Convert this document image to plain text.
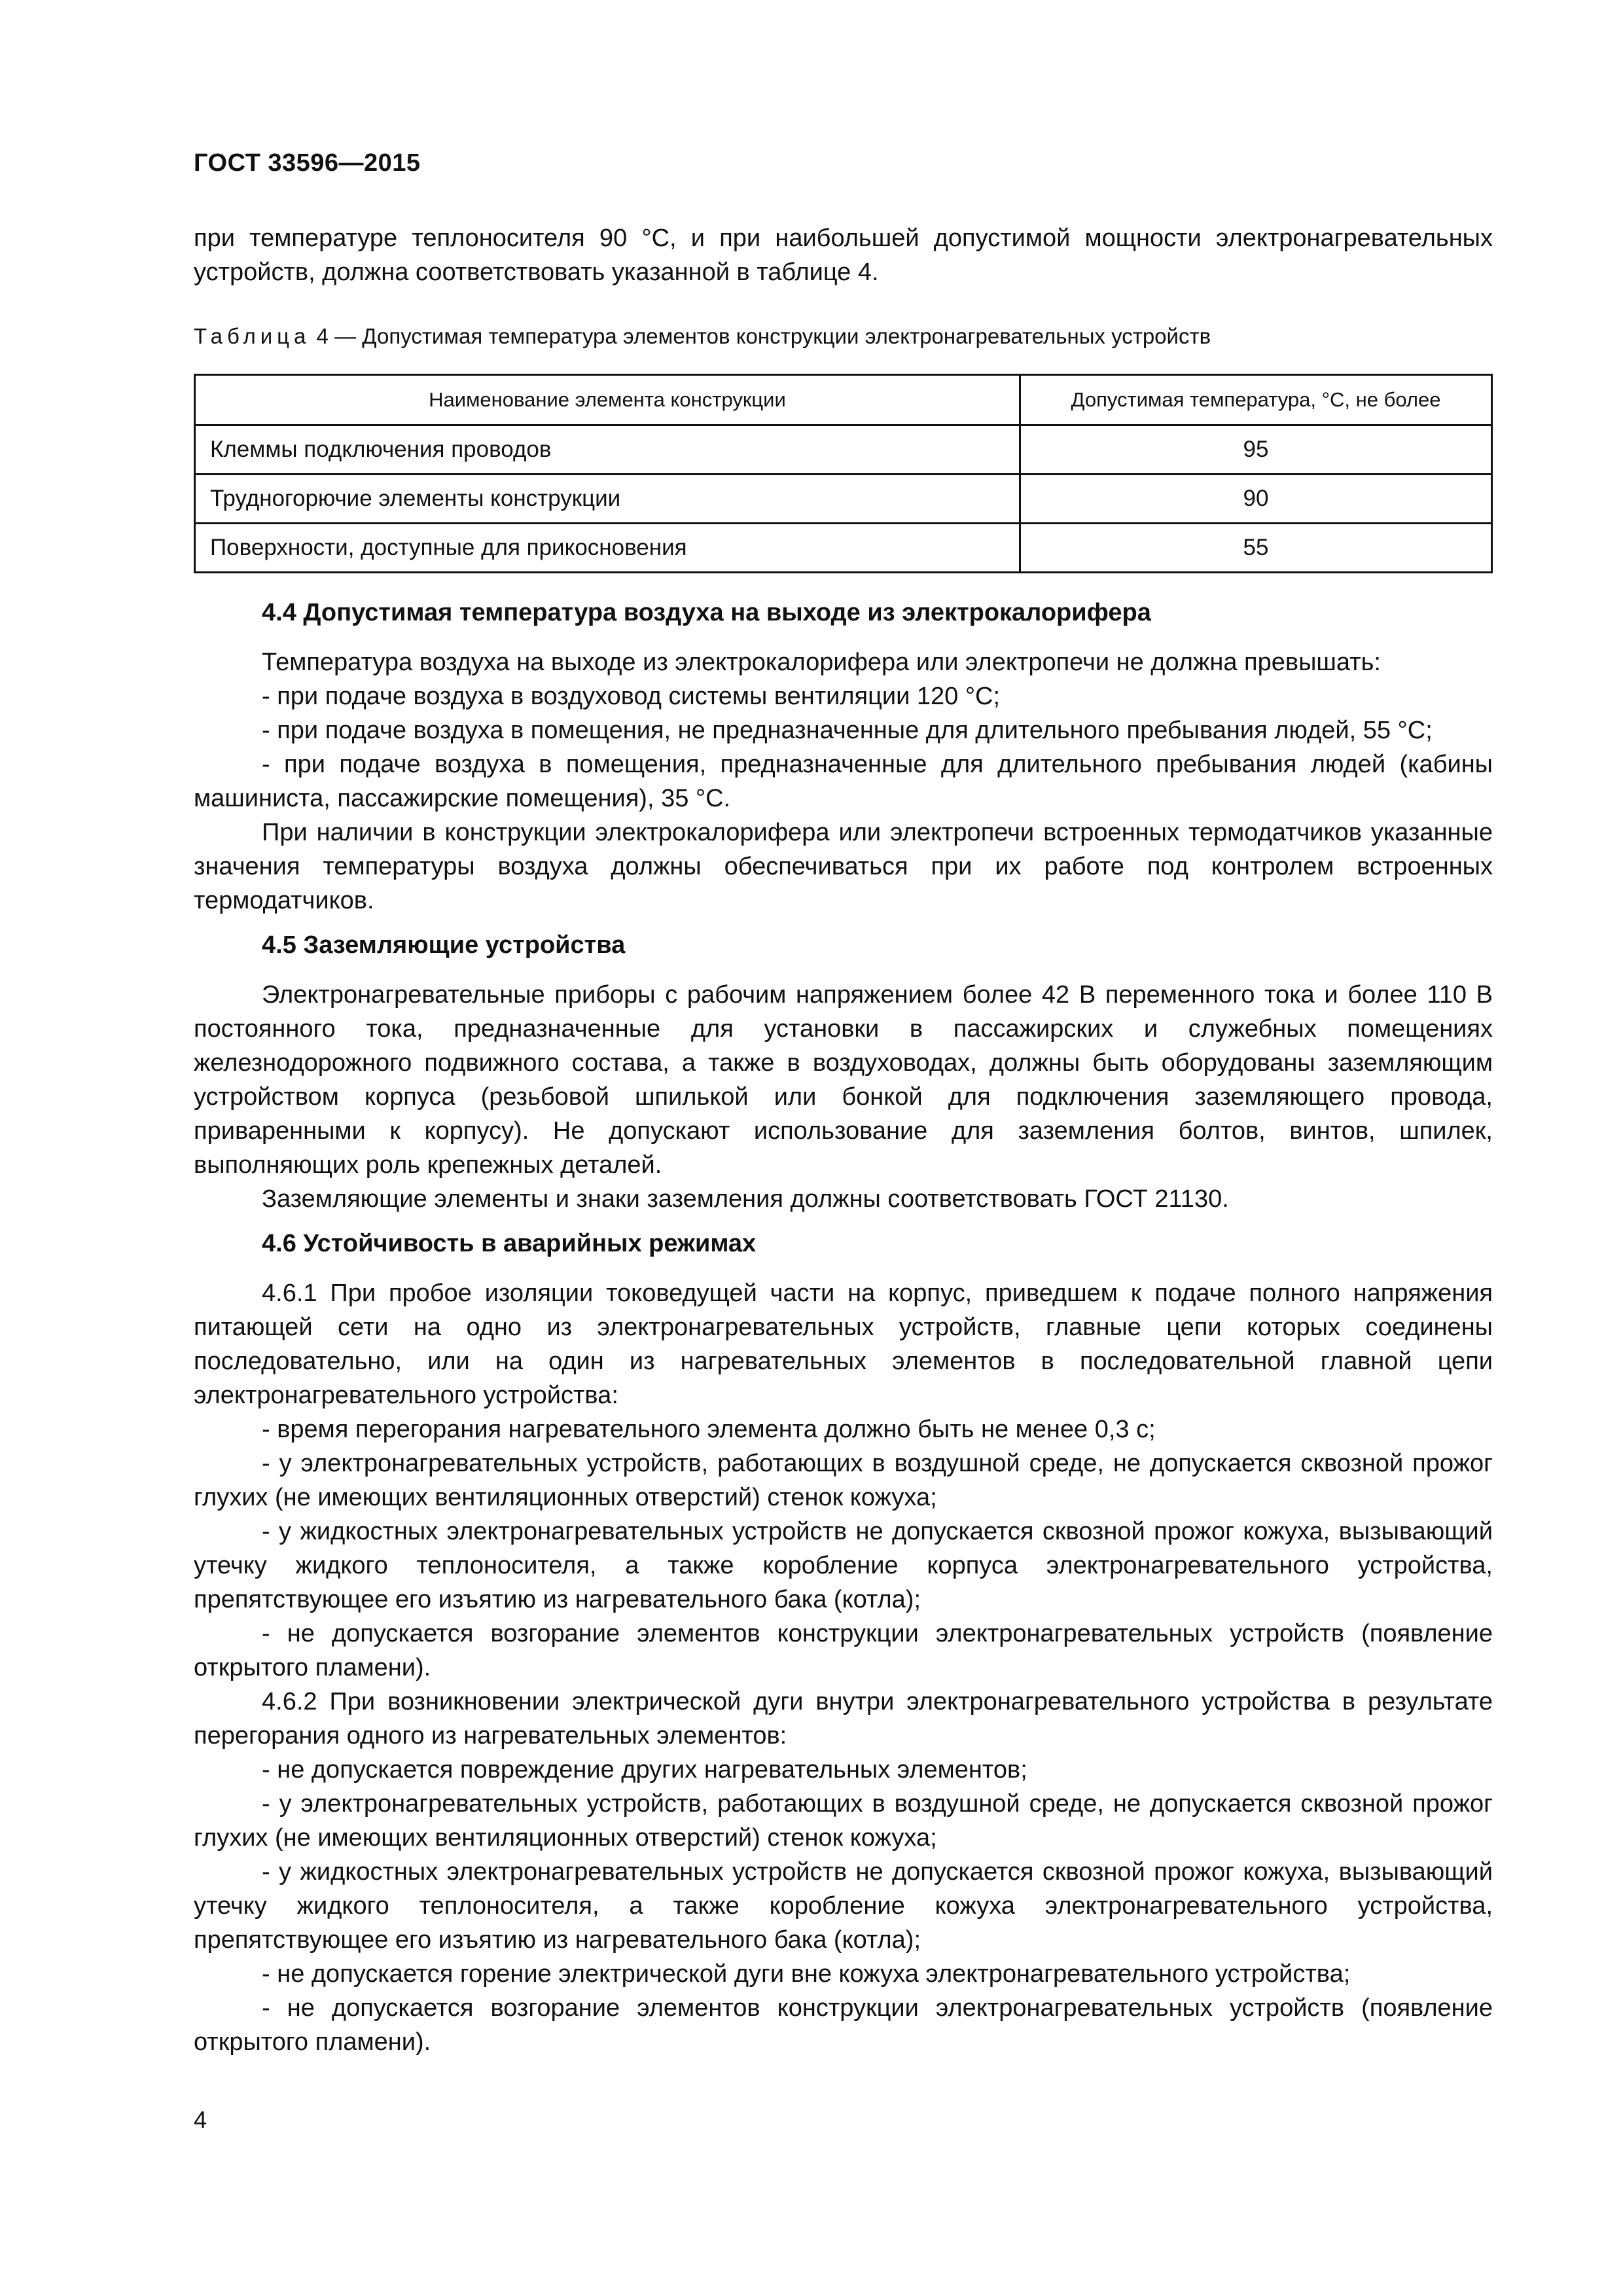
ГОСТ 33596—2015
при температуре теплоносителя 90 °С, и при наибольшей допустимой мощности электронагревательных устройств, должна соответствовать указанной в таблице 4.
Таблица 4 — Допустимая температура элементов конструкции электронагревательных устройств
Наименование элемента конструкции	Допустимая температура, °С, не более
Клеммы подключения проводов	95
Трудногорючие элементы конструкции	90
Поверхности, доступные для прикосновения	55
4.4 Допустимая температура воздуха на выходе из электрокалорифера
Температура воздуха на выходе из электрокалорифера или электропечи не должна превышать:
- при подаче воздуха в воздуховод системы вентиляции 120 °С;
- при подаче воздуха в помещения, не предназначенные для длительного пребывания людей, 55 °С;
- при подаче воздуха в помещения, предназначенные для длительного пребывания людей (кабины машиниста, пассажирские помещения), 35 °С.
При наличии в конструкции электрокалорифера или электропечи встроенных термодатчиков указанные значения температуры воздуха должны обеспечиваться при их работе под контролем встроенных термодатчиков.
4.5 Заземляющие устройства
Электронагревательные приборы с рабочим напряжением более 42 В переменного тока и более 110 В постоянного тока, предназначенные для установки в пассажирских и служебных помещениях железнодорожного подвижного состава, а также в воздуховодах, должны быть оборудованы заземляющим устройством корпуса (резьбовой шпилькой или бонкой для подключения заземляющего провода, приваренными к корпусу). Не допускают использование для заземления болтов, винтов, шпилек, выполняющих роль крепежных деталей.
Заземляющие элементы и знаки заземления должны соответствовать ГОСТ 21130.
4.6 Устойчивость в аварийных режимах
4.6.1 При пробое изоляции токоведущей части на корпус, приведшем к подаче полного напряжения питающей сети на одно из электронагревательных устройств, главные цепи которых соединены последовательно, или на один из нагревательных элементов в последовательной главной цепи электронагревательного устройства:
- время перегорания нагревательного элемента должно быть не менее 0,3 с;
- у электронагревательных устройств, работающих в воздушной среде, не допускается сквозной прожог глухих (не имеющих вентиляционных отверстий) стенок кожуха;
- у жидкостных электронагревательных устройств не допускается сквозной прожог кожуха, вызывающий утечку жидкого теплоносителя, а также коробление корпуса электронагревательного устройства, препятствующее его изъятию из нагревательного бака (котла);
- не допускается возгорание элементов конструкции электронагревательных устройств (появление открытого пламени).
4.6.2 При возникновении электрической дуги внутри электронагревательного устройства в результате перегорания одного из нагревательных элементов:
- не допускается повреждение других нагревательных элементов;
- у электронагревательных устройств, работающих в воздушной среде, не допускается сквозной прожог глухих (не имеющих вентиляционных отверстий) стенок кожуха;
- у жидкостных электронагревательных устройств не допускается сквозной прожог кожуха, вызывающий утечку жидкого теплоносителя, а также коробление кожуха электронагревательного устройства, препятствующее его изъятию из нагревательного бака (котла);
- не допускается горение электрической дуги вне кожуха электронагревательного устройства;
- не допускается возгорание элементов конструкции электронагревательных устройств (появление открытого пламени).
4
